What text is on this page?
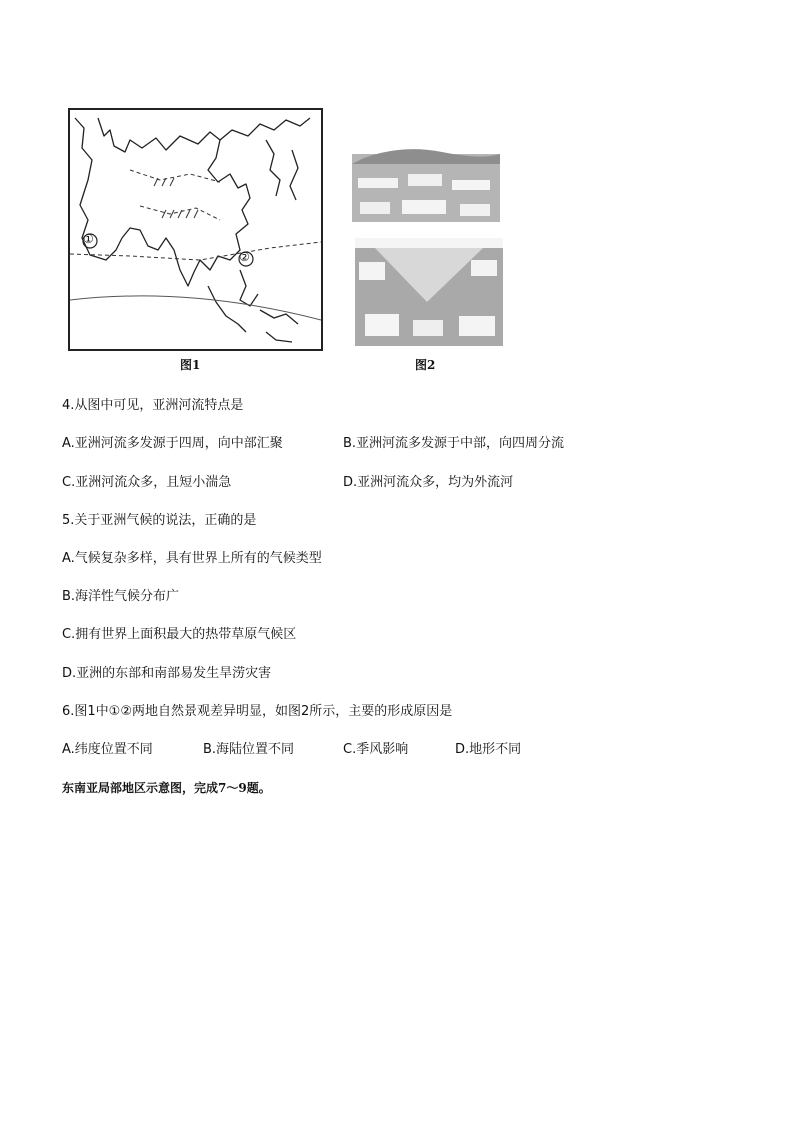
①
②
图1	图2
4.从图中可见，亚洲河流特点是
A.亚洲河流多发源于四周，向中部汇聚	B.亚洲河流多发源于中部，向四周分流
C.亚洲河流众多，且短小湍急	D.亚洲河流众多，均为外流河
5.关于亚洲气候的说法，正确的是
A.气候复杂多样，具有世界上所有的气候类型
B.海洋性气候分布广
C.拥有世界上面积最大的热带草原气候区
D.亚洲的东部和南部易发生旱涝灾害
6.图1中①②两地自然景观差异明显，如图2所示，主要的形成原因是
A.纬度位置不同	B.海陆位置不同	C.季风影响	D.地形不同
东南亚局部地区示意图，完成7～9题。
